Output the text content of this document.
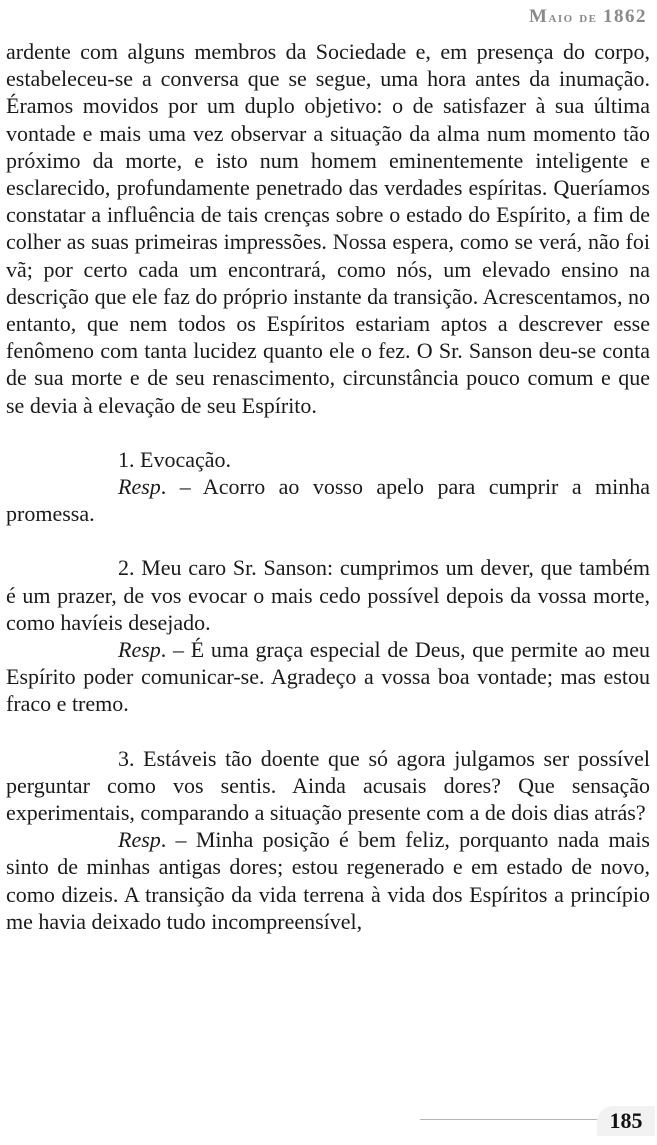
Maio de 1862

ardente com alguns membros da Sociedade e, em presença do corpo, estabeleceu-se a conversa que se segue, uma hora antes da inumação. Éramos movidos por um duplo objetivo: o de satisfazer à sua última vontade e mais uma vez observar a situação da alma num momento tão próximo da morte, e isto num homem eminentemente inteligente e esclarecido, profundamente penetrado das verdades espíritas. Queríamos constatar a influência de tais crenças sobre o estado do Espírito, a fim de colher as suas primeiras impressões. Nossa espera, como se verá, não foi vã; por certo cada um encontrará, como nós, um elevado ensino na descrição que ele faz do próprio instante da transição. Acrescentamos, no entanto, que nem todos os Espíritos estariam aptos a descrever esse fenômeno com tanta lucidez quanto ele o fez. O Sr. Sanson deu-se conta de sua morte e de seu renascimento, circunstância pouco comum e que se devia à elevação de seu Espírito.

1. Evocação.

Resp. – Acorro ao vosso apelo para cumprir a minha promessa.

2. Meu caro Sr. Sanson: cumprimos um dever, que também é um prazer, de vos evocar o mais cedo possível depois da vossa morte, como havíeis desejado.

Resp. – É uma graça especial de Deus, que permite ao meu Espírito poder comunicar-se. Agradeço a vossa boa vontade; mas estou fraco e tremo.

3. Estáveis tão doente que só agora julgamos ser possível perguntar como vos sentis. Ainda acusais dores? Que sensação experimentais, comparando a situação presente com a de dois dias atrás?

Resp. – Minha posição é bem feliz, porquanto nada mais sinto de minhas antigas dores; estou regenerado e em estado de novo, como dizeis. A transição da vida terrena à vida dos Espíritos a princípio me havia deixado tudo incompreensível,

185
